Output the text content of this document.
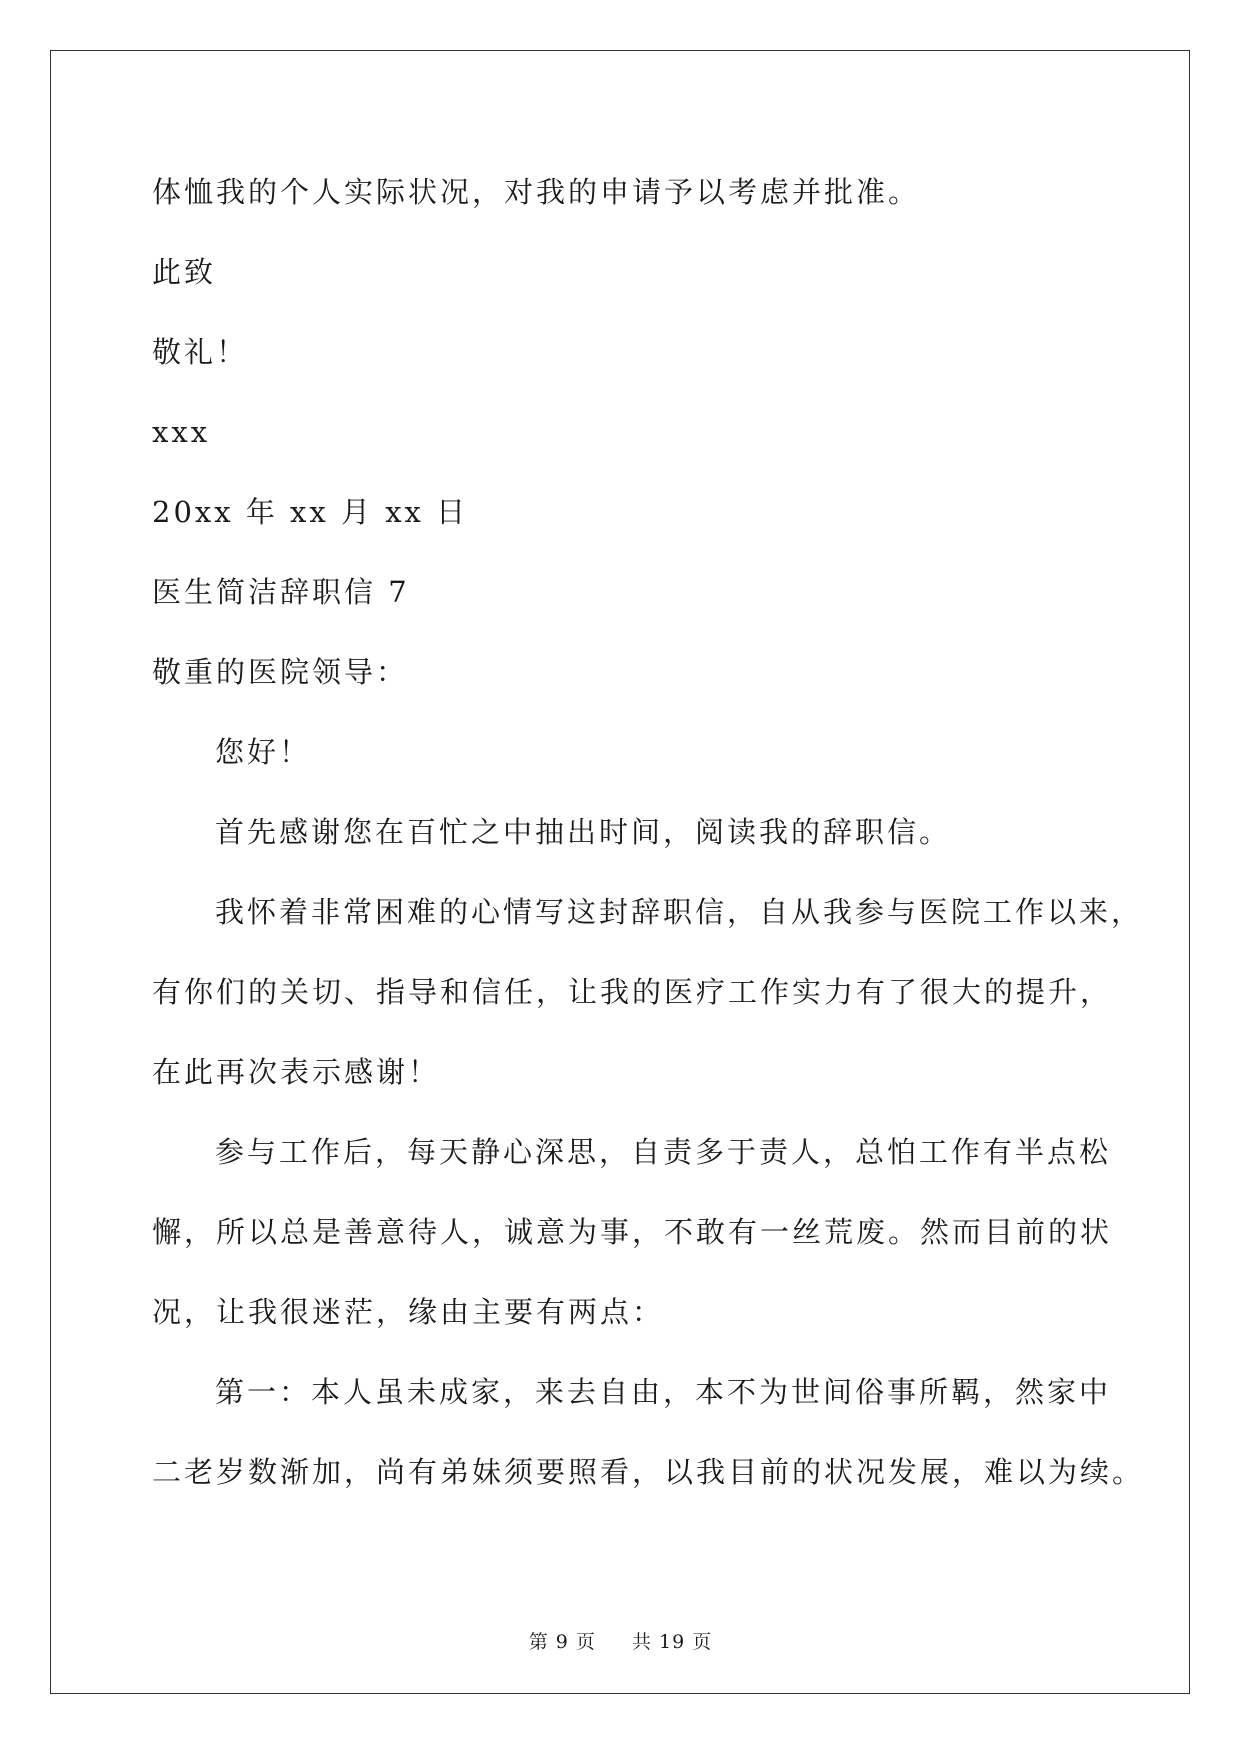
体恤我的个人实际状况，对我的申请予以考虑并批准。
此致
敬礼！
xxx
20xx 年 xx 月 xx 日
医生简洁辞职信 7
敬重的医院领导：
您好！
首先感谢您在百忙之中抽出时间，阅读我的辞职信。
我怀着非常困难的心情写这封辞职信，自从我参与医院工作以来，
有你们的关切、指导和信任，让我的医疗工作实力有了很大的提升，
在此再次表示感谢！
参与工作后，每天静心深思，自责多于责人，总怕工作有半点松
懈，所以总是善意待人，诚意为事，不敢有一丝荒废。然而目前的状
况，让我很迷茫，缘由主要有两点：
第一：本人虽未成家，来去自由，本不为世间俗事所羁，然家中
二老岁数渐加，尚有弟妹须要照看，以我目前的状况发展，难以为续。
第 9 页 共 19 页
